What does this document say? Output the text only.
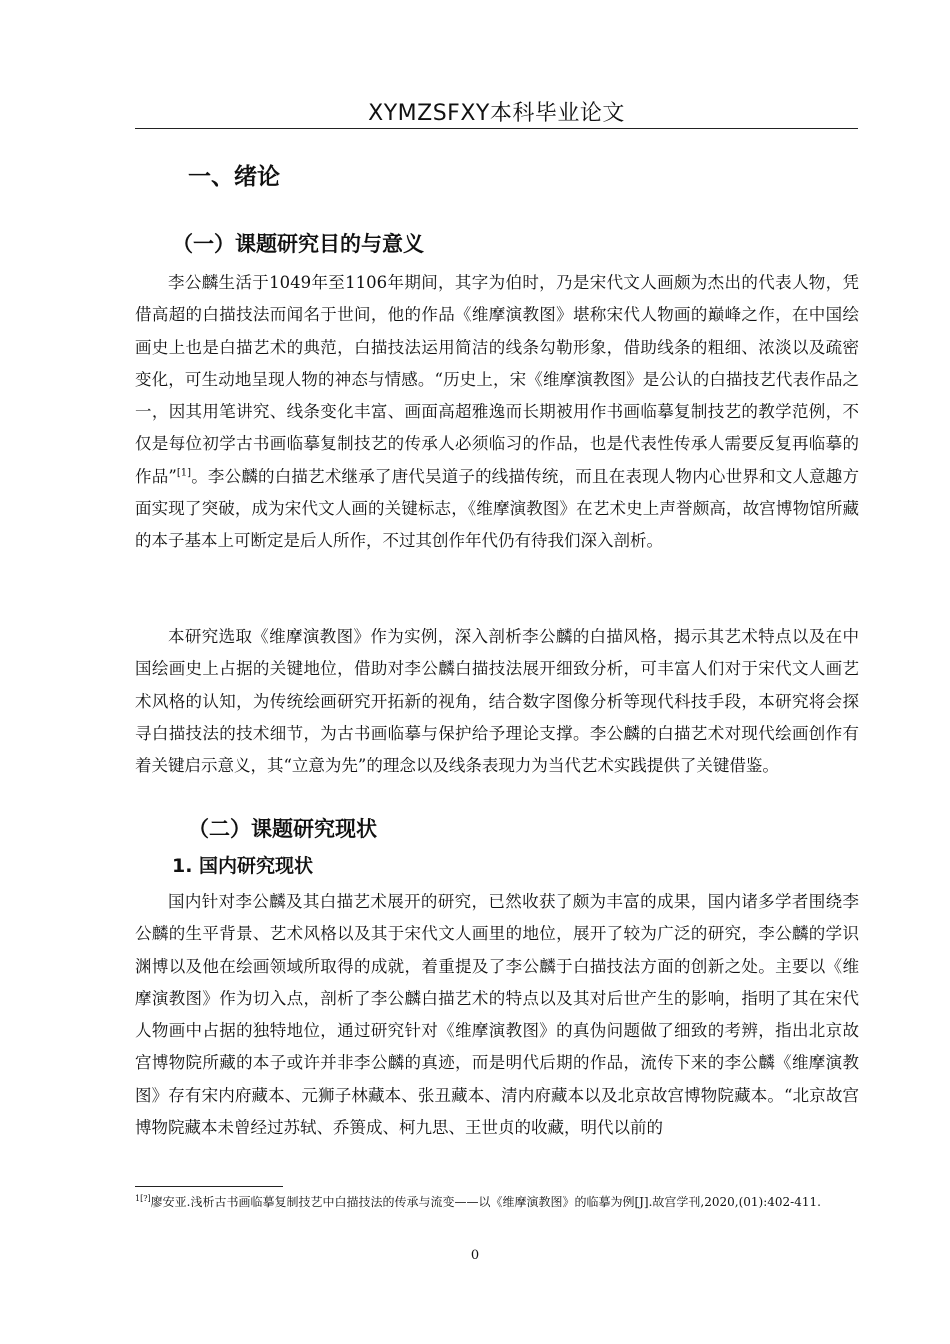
XYMZSFXY本科毕业论文
一、绪论
（一）课题研究目的与意义

李公麟生活于1049年至1106年期间，其字为伯时，乃是宋代文人画颇为杰出的代表人物，凭借高超的白描技法而闻名于世间，他的作品《维摩演教图》堪称宋代人物画的巅峰之作，在中国绘画史上也是白描艺术的典范，白描技法运用简洁的线条勾勒形象，借助线条的粗细、浓淡以及疏密变化，可生动地呈现人物的神态与情感。“历史上，宋《维摩演教图》是公认的白描技艺代表作品之一，因其用笔讲究、线条变化丰富、画面高超雅逸而长期被用作书画临摹复制技艺的教学范例，不仅是每位初学古书画临摹复制技艺的传承人必须临习的作品，也是代表性传承人需要反复再临摹的作品”[1]。李公麟的白描艺术继承了唐代吴道子的线描传统，而且在表现人物内心世界和文人意趣方面实现了突破，成为宋代文人画的关键标志，《维摩演教图》在艺术史上声誉颇高，故宫博物馆所藏的本子基本上可断定是后人所作，不过其创作年代仍有待我们深入剖析。

本研究选取《维摩演教图》作为实例，深入剖析李公麟的白描风格，揭示其艺术特点以及在中国绘画史上占据的关键地位，借助对李公麟白描技法展开细致分析，可丰富人们对于宋代文人画艺术风格的认知，为传统绘画研究开拓新的视角，结合数字图像分析等现代科技手段，本研究将会探寻白描技法的技术细节，为古书画临摹与保护给予理论支撑。李公麟的白描艺术对现代绘画创作有着关键启示意义，其“立意为先”的理念以及线条表现力为当代艺术实践提供了关键借鉴。

（二）课题研究现状
1. 国内研究现状

国内针对李公麟及其白描艺术展开的研究，已然收获了颇为丰富的成果，国内诸多学者围绕李公麟的生平背景、艺术风格以及其于宋代文人画里的地位，展开了较为广泛的研究，李公麟的学识渊博以及他在绘画领域所取得的成就，着重提及了李公麟于白描技法方面的创新之处。主要以《维摩演教图》作为切入点，剖析了李公麟白描艺术的特点以及其对后世产生的影响，指明了其在宋代人物画中占据的独特地位，通过研究针对《维摩演教图》的真伪问题做了细致的考辨，指出北京故宫博物院所藏的本子或许并非李公麟的真迹，而是明代后期的作品，流传下来的李公麟《维摩演教图》存有宋内府藏本、元狮子林藏本、张丑藏本、清内府藏本以及北京故宫博物院藏本。“北京故宫博物院藏本未曾经过苏轼、乔篑成、柯九思、王世贞的收藏，明代以前的

$^{1[?]}$廖安亚.浅析古书画临摹复制技艺中白描技法的传承与流变——以《维摩演教图》的临摹为例[J].故宫学刊,2020,(01):402-411.

0
